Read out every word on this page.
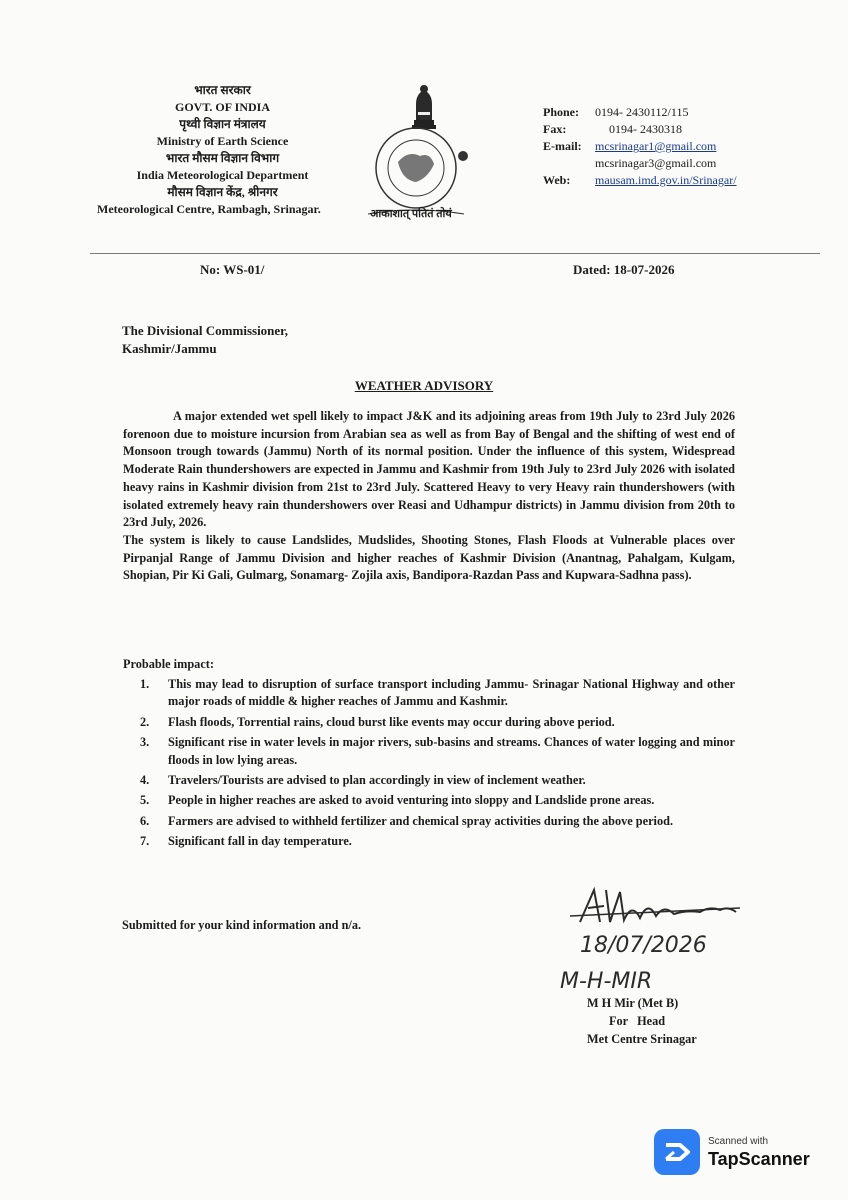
भारत सरकार
GOVT. OF INDIA
पृथ्वी विज्ञान मंत्रालय
Ministry of Earth Science
भारत मौसम विज्ञान विभाग
India Meteorological Department
मौसम विज्ञान केंद्र, श्रीनगर
Meteorological Centre, Rambagh, Srinagar.	आकाशात् पतितं तोयं
Phone:	0194- 2430112/115
Fax:	0194- 2430318
E-mail:	mcsrinagar1@gmail.com
mcsrinagar3@gmail.com
Web:	mausam.imd.gov.in/Srinagar/
No: WS-01/	Dated: 18-07-2026
The Divisional Commissioner,
Kashmir/Jammu
WEATHER ADVISORY

A major extended wet spell likely to impact J&K and its adjoining areas from 19th July to 23rd July 2026 forenoon due to moisture incursion from Arabian sea as well as from Bay of Bengal and the shifting of west end of Monsoon trough towards (Jammu) North of its normal position. Under the influence of this system, Widespread Moderate Rain thundershowers are expected in Jammu and Kashmir from 19th July to 23rd July 2026 with isolated heavy rains in Kashmir division from 21st to 23rd July. Scattered Heavy to very Heavy rain thundershowers (with isolated extremely heavy rain thundershowers over Reasi and Udhampur districts) in Jammu division from 20th to 23rd July, 2026.

The system is likely to cause Landslides, Mudslides, Shooting Stones, Flash Floods at Vulnerable places over Pirpanjal Range of Jammu Division and higher reaches of Kashmir Division (Anantnag, Pahalgam, Kulgam, Shopian, Pir Ki Gali, Gulmarg, Sonamarg- Zojila axis, Bandipora-Razdan Pass and Kupwara-Sadhna pass).

Probable impact:
1.	This may lead to disruption of surface transport including Jammu- Srinagar National Highway and other major roads of middle & higher reaches of Jammu and Kashmir.
2.	Flash floods, Torrential rains, cloud burst like events may occur during above period.
3.	Significant rise in water levels in major rivers, sub-basins and streams. Chances of water logging and minor floods in low lying areas.
4.	Travelers/Tourists are advised to plan accordingly in view of inclement weather.
5.	People in higher reaches are asked to avoid venturing into sloppy and Landslide prone areas.
6.	Farmers are advised to withheld fertilizer and chemical spray activities during the above period.
7.	Significant fall in day temperature.
Submitted for your kind information and n/a.
18/07/2026
M-H-MIR
M H Mir (Met B)
For   Head
Met Centre Srinagar
Scanned with
TapScanner
